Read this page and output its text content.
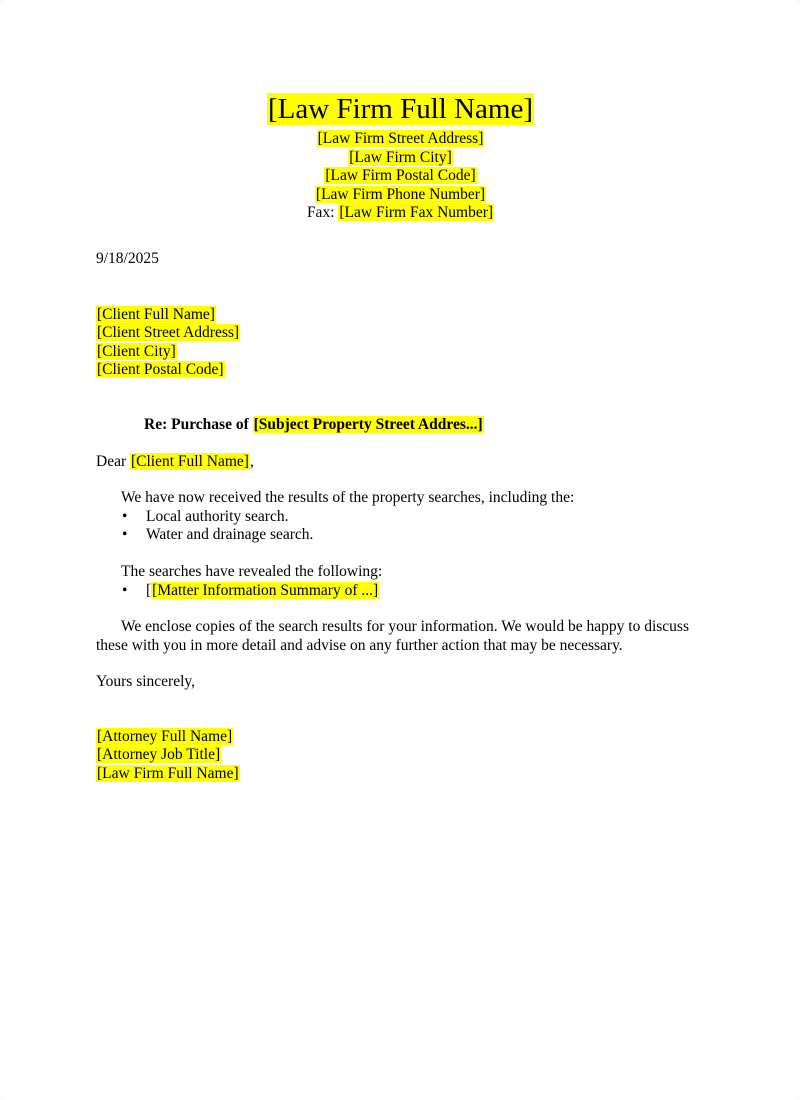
[Law Firm Full Name]
[Law Firm Street Address]
[Law Firm City]
[Law Firm Postal Code]
[Law Firm Phone Number]
Fax: [Law Firm Fax Number]
9/18/2025
[Client Full Name]
[Client Street Address]
[Client City]
[Client Postal Code]
Re: Purchase of [Subject Property Street Addres...]
Dear [Client Full Name],
We have now received the results of the property searches, including the:
• Local authority search.
• Water and drainage search.
The searches have revealed the following:
• [[Matter Information Summary of ...]
We enclose copies of the search results for your information. We would be happy to discuss these with you in more detail and advise on any further action that may be necessary.
Yours sincerely,
[Attorney Full Name]
[Attorney Job Title]
[Law Firm Full Name]
